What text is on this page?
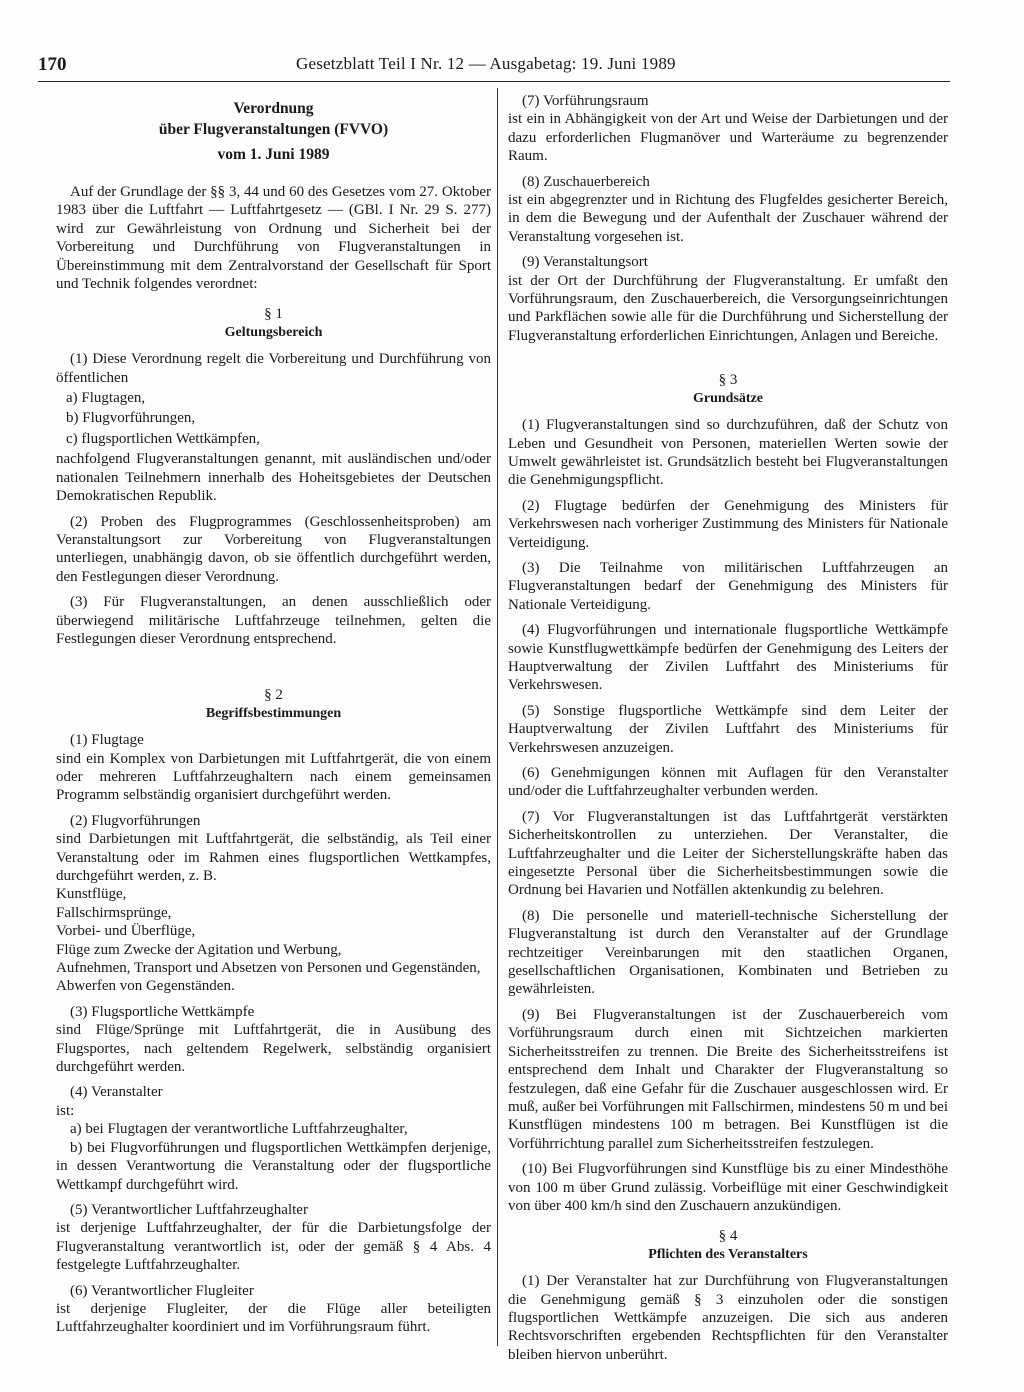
170	Gesetzblatt Teil I Nr. 12 — Ausgabetag: 19. Juni 1989
Verordnung
über Flugveranstaltungen (FVVO)
vom 1. Juni 1989

Auf der Grundlage der §§ 3, 44 und 60 des Gesetzes vom 27. Oktober 1983 über die Luftfahrt — Luftfahrtgesetz — (GBl. I Nr. 29 S. 277) wird zur Gewährleistung von Ordnung und Sicherheit bei der Vorbereitung und Durchführung von Flugveranstaltungen in Übereinstimmung mit dem Zentralvorstand der Gesellschaft für Sport und Technik folgendes verordnet:

§ 1
Geltungsbereich

(1) Diese Verordnung regelt die Vorbereitung und Durchführung von öffentlichen

a) Flugtagen,
b) Flugvorführungen,
c) flugsportlichen Wettkämpfen,

nachfolgend Flugveranstaltungen genannt, mit ausländischen und/oder nationalen Teilnehmern innerhalb des Hoheitsgebietes der Deutschen Demokratischen Republik.

(2) Proben des Flugprogrammes (Geschlossenheitsproben) am Veranstaltungsort zur Vorbereitung von Flugveranstaltungen unterliegen, unabhängig davon, ob sie öffentlich durchgeführt werden, den Festlegungen dieser Verordnung.

(3) Für Flugveranstaltungen, an denen ausschließlich oder überwiegend militärische Luftfahrzeuge teilnehmen, gelten die Festlegungen dieser Verordnung entsprechend.

§ 2
Begriffsbestimmungen

(1) Flugtage

sind ein Komplex von Darbietungen mit Luftfahrtgerät, die von einem oder mehreren Luftfahrzeughaltern nach einem gemeinsamen Programm selbständig organisiert durchgeführt werden.

(2) Flugvorführungen

sind Darbietungen mit Luftfahrtgerät, die selbständig, als Teil einer Veranstaltung oder im Rahmen eines flugsportlichen Wettkampfes, durchgeführt werden, z. B.

Kunstflüge,

Fallschirmsprünge,

Vorbei- und Überflüge,

Flüge zum Zwecke der Agitation und Werbung,

Aufnehmen, Transport und Absetzen von Personen und Gegenständen,

Abwerfen von Gegenständen.

(3) Flugsportliche Wettkämpfe

sind Flüge/Sprünge mit Luftfahrtgerät, die in Ausübung des Flugsportes, nach geltendem Regelwerk, selbständig organisiert durchgeführt werden.

(4) Veranstalter

ist:

a) bei Flugtagen der verantwortliche Luftfahrzeughalter,

b) bei Flugvorführungen und flugsportlichen Wettkämpfen derjenige, in dessen Verantwortung die Veranstaltung oder der flugsportliche Wettkampf durchgeführt wird.

(5) Verantwortlicher Luftfahrzeughalter

ist derjenige Luftfahrzeughalter, der für die Darbietungsfolge der Flugveranstaltung verantwortlich ist, oder der gemäß § 4 Abs. 4 festgelegte Luftfahrzeughalter.

(6) Verantwortlicher Flugleiter

ist derjenige Flugleiter, der die Flüge aller beteiligten Luftfahrzeughalter koordiniert und im Vorführungsraum führt.

(7) Vorführungsraum

ist ein in Abhängigkeit von der Art und Weise der Darbietungen und der dazu erforderlichen Flugmanöver und Warteräume zu begrenzender Raum.

(8) Zuschauerbereich

ist ein abgegrenzter und in Richtung des Flugfeldes gesicherter Bereich, in dem die Bewegung und der Aufenthalt der Zuschauer während der Veranstaltung vorgesehen ist.

(9) Veranstaltungsort

ist der Ort der Durchführung der Flugveranstaltung. Er umfaßt den Vorführungsraum, den Zuschauerbereich, die Versorgungseinrichtungen und Parkflächen sowie alle für die Durchführung und Sicherstellung der Flugveranstaltung erforderlichen Einrichtungen, Anlagen und Bereiche.

§ 3
Grundsätze

(1) Flugveranstaltungen sind so durchzuführen, daß der Schutz von Leben und Gesundheit von Personen, materiellen Werten sowie der Umwelt gewährleistet ist. Grundsätzlich besteht bei Flugveranstaltungen die Genehmigungspflicht.

(2) Flugtage bedürfen der Genehmigung des Ministers für Verkehrswesen nach vorheriger Zustimmung des Ministers für Nationale Verteidigung.

(3) Die Teilnahme von militärischen Luftfahrzeugen an Flugveranstaltungen bedarf der Genehmigung des Ministers für Nationale Verteidigung.

(4) Flugvorführungen und internationale flugsportliche Wettkämpfe sowie Kunstflugwettkämpfe bedürfen der Genehmigung des Leiters der Hauptverwaltung der Zivilen Luftfahrt des Ministeriums für Verkehrswesen.

(5) Sonstige flugsportliche Wettkämpfe sind dem Leiter der Hauptverwaltung der Zivilen Luftfahrt des Ministeriums für Verkehrswesen anzuzeigen.

(6) Genehmigungen können mit Auflagen für den Veranstalter und/oder die Luftfahrzeughalter verbunden werden.

(7) Vor Flugveranstaltungen ist das Luftfahrtgerät verstärkten Sicherheitskontrollen zu unterziehen. Der Veranstalter, die Luftfahrzeughalter und die Leiter der Sicherstellungskräfte haben das eingesetzte Personal über die Sicherheitsbestimmungen sowie die Ordnung bei Havarien und Notfällen aktenkundig zu belehren.

(8) Die personelle und materiell-technische Sicherstellung der Flugveranstaltung ist durch den Veranstalter auf der Grundlage rechtzeitiger Vereinbarungen mit den staatlichen Organen, gesellschaftlichen Organisationen, Kombinaten und Betrieben zu gewährleisten.

(9) Bei Flugveranstaltungen ist der Zuschauerbereich vom Vorführungsraum durch einen mit Sichtzeichen markierten Sicherheitsstreifen zu trennen. Die Breite des Sicherheitsstreifens ist entsprechend dem Inhalt und Charakter der Flugveranstaltung so festzulegen, daß eine Gefahr für die Zuschauer ausgeschlossen wird. Er muß, außer bei Vorführungen mit Fallschirmen, mindestens 50 m und bei Kunstflügen mindestens 100 m betragen. Bei Kunstflügen ist die Vorführrichtung parallel zum Sicherheitsstreifen festzulegen.

(10) Bei Flugvorführungen sind Kunstflüge bis zu einer Mindesthöhe von 100 m über Grund zulässig. Vorbeiflüge mit einer Geschwindigkeit von über 400 km/h sind den Zuschauern anzukündigen.

§ 4
Pflichten des Veranstalters

(1) Der Veranstalter hat zur Durchführung von Flugveranstaltungen die Genehmigung gemäß § 3 einzuholen oder die sonstigen flugsportlichen Wettkämpfe anzuzeigen. Die sich aus anderen Rechtsvorschriften ergebenden Rechtspflichten für den Veranstalter bleiben hiervon unberührt.
